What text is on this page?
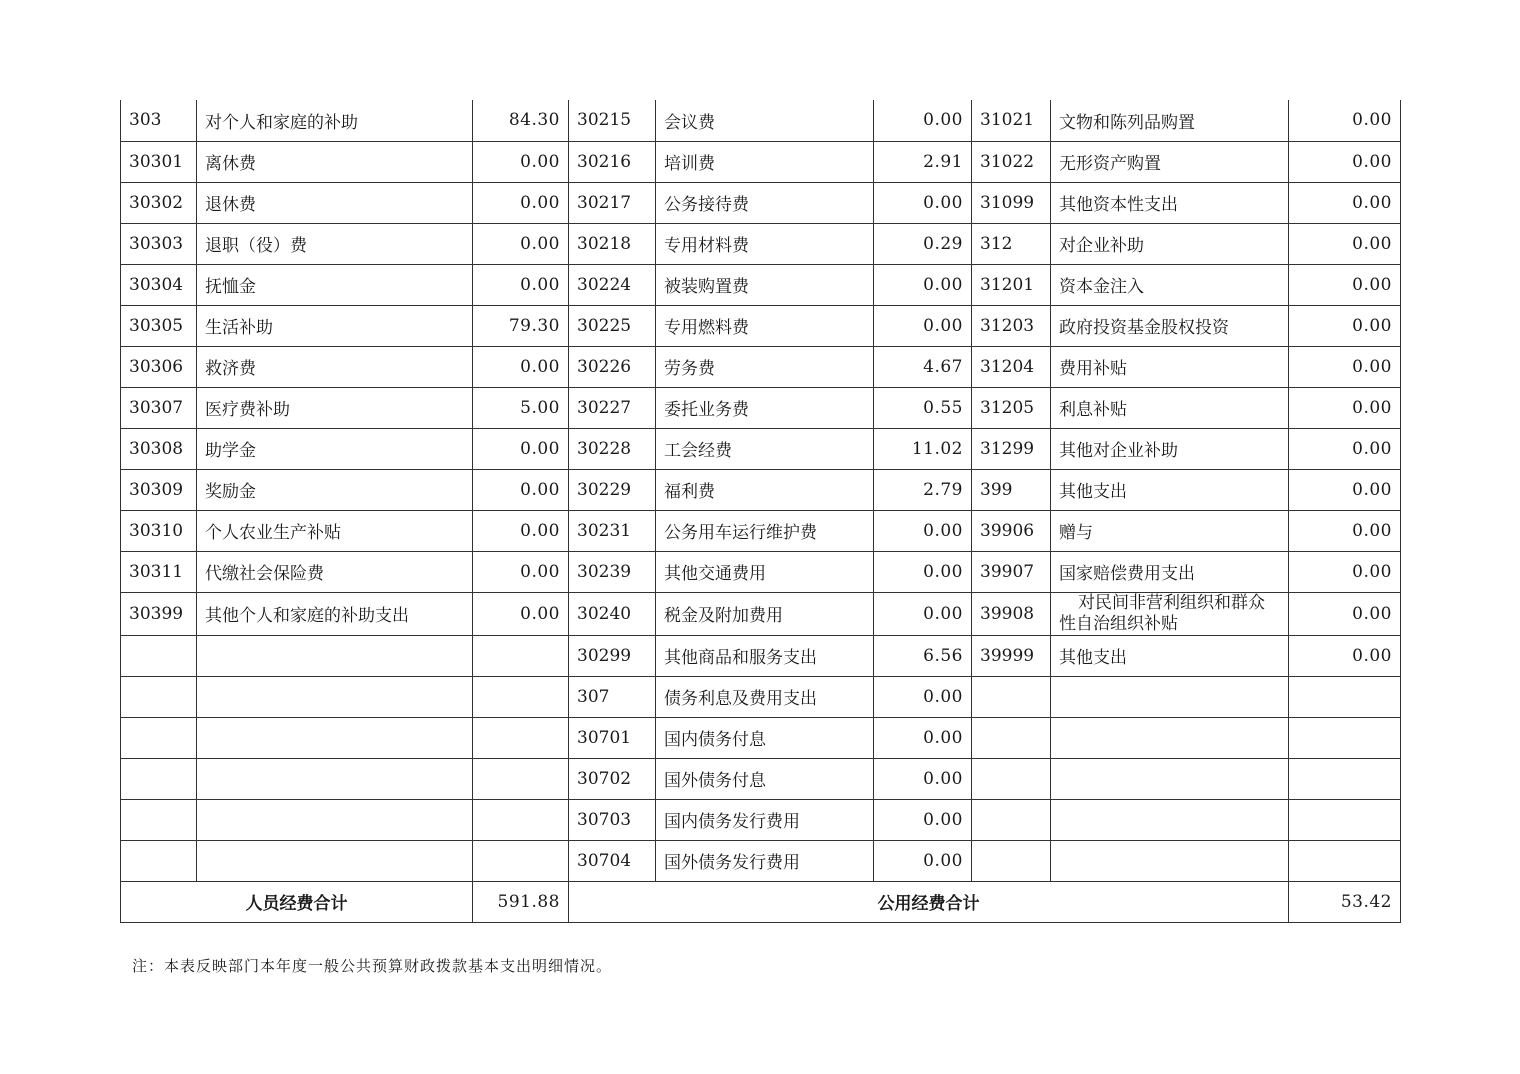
303	对个人和家庭的补助	84.30	30215	会议费	0.00	31021	文物和陈列品购置	0.00
30301	离休费	0.00	30216	培训费	2.91	31022	无形资产购置	0.00
30302	退休费	0.00	30217	公务接待费	0.00	31099	其他资本性支出	0.00
30303	退职（役）费	0.00	30218	专用材料费	0.29	312	对企业补助	0.00
30304	抚恤金	0.00	30224	被装购置费	0.00	31201	资本金注入	0.00
30305	生活补助	79.30	30225	专用燃料费	0.00	31203	政府投资基金股权投资	0.00
30306	救济费	0.00	30226	劳务费	4.67	31204	费用补贴	0.00
30307	医疗费补助	5.00	30227	委托业务费	0.55	31205	利息补贴	0.00
30308	助学金	0.00	30228	工会经费	11.02	31299	其他对企业补助	0.00
30309	奖励金	0.00	30229	福利费	2.79	399	其他支出	0.00
30310	个人农业生产补贴	0.00	30231	公务用车运行维护费	0.00	39906	赠与	0.00
30311	代缴社会保险费	0.00	30239	其他交通费用	0.00	39907	国家赔偿费用支出	0.00
30399	其他个人和家庭的补助支出	0.00	30240	税金及附加费用	0.00	39908	对民间非营利组织和群众
性自治组织补贴	0.00
			30299	其他商品和服务支出	6.56	39999	其他支出	0.00
			307	债务利息及费用支出	0.00			
			30701	国内债务付息	0.00			
			30702	国外债务付息	0.00			
			30703	国内债务发行费用	0.00			
			30704	国外债务发行费用	0.00			
人员经费合计		591.88	公用经费合计					53.42
注：本表反映部门本年度一般公共预算财政拨款基本支出明细情况。
